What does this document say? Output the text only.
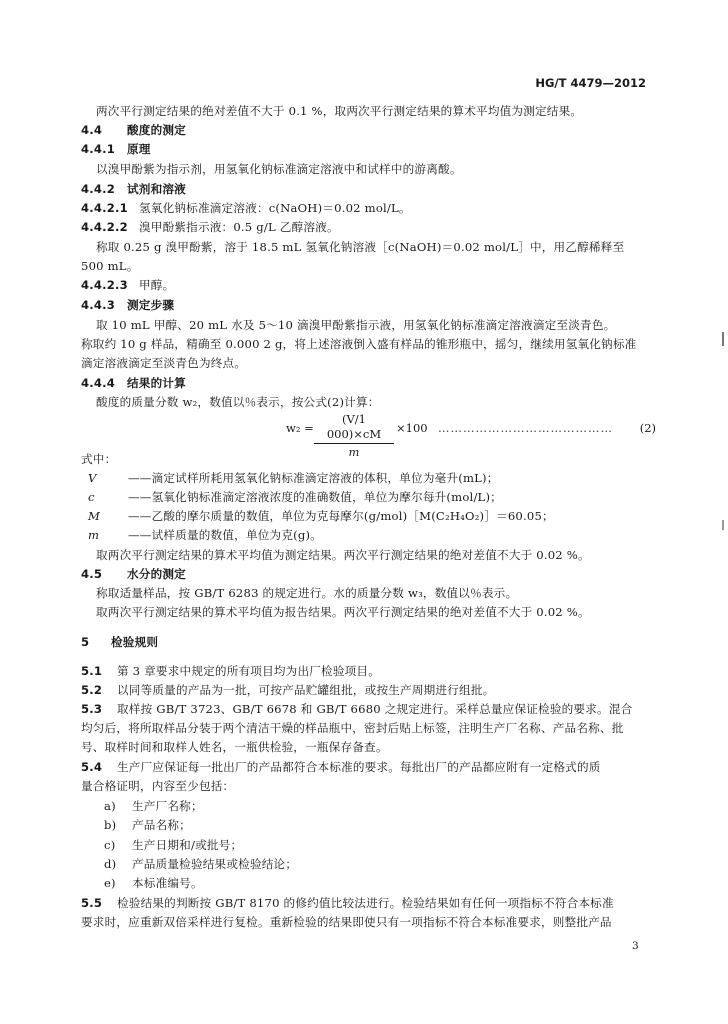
HG/T 4479—2012
两次平行测定结果的绝对差值不大于 0.1 %，取两次平行测定结果的算术平均值为测定结果。
4.4 酸度的测定
4.4.1 原理
以溴甲酚紫为指示剂，用氢氧化钠标准滴定溶液中和试样中的游离酸。
4.4.2 试剂和溶液
4.4.2.1 氢氧化钠标准滴定溶液：c(NaOH)＝0.02 mol/L。
4.4.2.2 溴甲酚紫指示液：0.5 g/L 乙醇溶液。
称取 0.25 g 溴甲酚紫，溶于 18.5 mL 氢氧化钠溶液［c(NaOH)＝0.02 mol/L］中，用乙醇稀释至
500 mL。
4.4.2.3 甲醇。
4.4.3 测定步骤
取 10 mL 甲醇、20 mL 水及 5～10 滴溴甲酚紫指示液，用氢氧化钠标准滴定溶液滴定至淡青色。
称取约 10 g 样品，精确至 0.000 2 g，将上述溶液倒入盛有样品的锥形瓶中，摇匀，继续用氢氧化钠标准
滴定溶液滴定至淡青色为终点。
4.4.4 结果的计算
酸度的质量分数 w₂，数值以％表示，按公式(2)计算：
w₂ =
(V/1 000)×cM
m
×100 …………………………………… (2)
式中：
V	——滴定试样所耗用氢氧化钠标准滴定溶液的体积，单位为毫升(mL)；
c	——氢氧化钠标准滴定溶液浓度的准确数值，单位为摩尔每升(mol/L)；
M ——乙酸的摩尔质量的数值，单位为克每摩尔(g/mol)［M(C₂H₄O₂)］＝60.05；
m ——试样质量的数值，单位为克(g)。
取两次平行测定结果的算术平均值为测定结果。两次平行测定结果的绝对差值不大于 0.02 %。
4.5 水分的测定
称取适量样品，按 GB/T 6283 的规定进行。水的质量分数 w₃，数值以％表示。
取两次平行测定结果的算术平均值为报告结果。两次平行测定结果的绝对差值不大于 0.02 %。
5 检验规则
5.1 第 3 章要求中规定的所有项目均为出厂检验项目。
5.2 以同等质量的产品为一批，可按产品贮罐组批，或按生产周期进行组批。
5.3 取样按 GB/T 3723、GB/T 6678 和 GB/T 6680 之规定进行。采样总量应保证检验的要求。混合
均匀后，将所取样品分装于两个清洁干燥的样品瓶中，密封后贴上标签，注明生产厂名称、产品名称、批
号、取样时间和取样人姓名，一瓶供检验，一瓶保存备查。
5.4 生产厂应保证每一批出厂的产品都符合本标准的要求。每批出厂的产品都应附有一定格式的质
量合格证明，内容至少包括：
a) 生产厂名称；
b) 产品名称；
c) 生产日期和/或批号；
d) 产品质量检验结果或检验结论；
e) 本标准编号。
5.5 检验结果的判断按 GB/T 8170 的修约值比较法进行。检验结果如有任何一项指标不符合本标准
要求时，应重新双倍采样进行复检。重新检验的结果即使只有一项指标不符合本标准要求，则整批产品
3
